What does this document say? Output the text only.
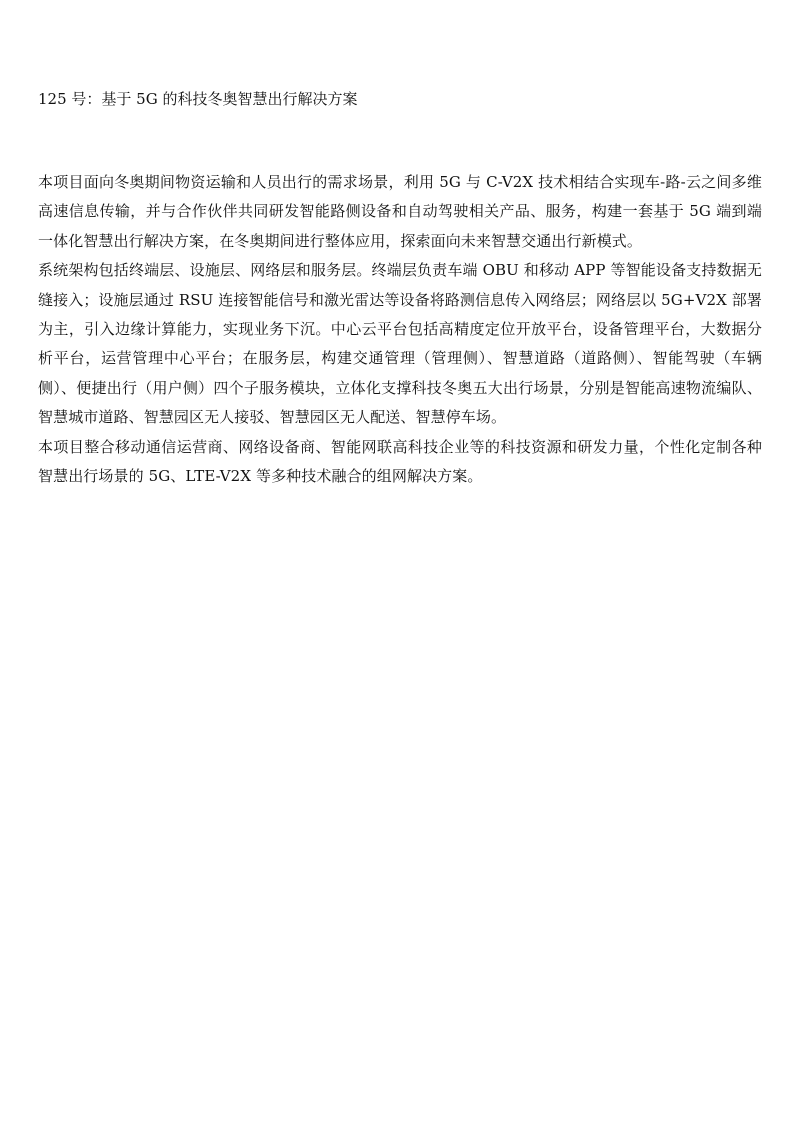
125 号：基于 5G 的科技冬奥智慧出行解决方案

本项目面向冬奥期间物资运输和人员出行的需求场景，利用 5G 与 C-V2X 技术相结合实现车-路-云之间多维高速信息传输，并与合作伙伴共同研发智能路侧设备和自动驾驶相关产品、服务，构建一套基于 5G 端到端一体化智慧出行解决方案，在冬奥期间进行整体应用，探索面向未来智慧交通出行新模式。

系统架构包括终端层、设施层、网络层和服务层。终端层负责车端 OBU 和移动 APP 等智能设备支持数据无缝接入；设施层通过 RSU 连接智能信号和激光雷达等设备将路测信息传入网络层；网络层以 5G+V2X 部署为主，引入边缘计算能力，实现业务下沉。中心云平台包括高精度定位开放平台，设备管理平台，大数据分析平台，运营管理中心平台；在服务层，构建交通管理（管理侧）、智慧道路（道路侧）、智能驾驶（车辆侧）、便捷出行（用户侧）四个子服务模块，立体化支撑科技冬奥五大出行场景，分别是智能高速物流编队、智慧城市道路、智慧园区无人接驳、智慧园区无人配送、智慧停车场。

本项目整合移动通信运营商、网络设备商、智能网联高科技企业等的科技资源和研发力量，个性化定制各种智慧出行场景的 5G、LTE-V2X 等多种技术融合的组网解决方案。
